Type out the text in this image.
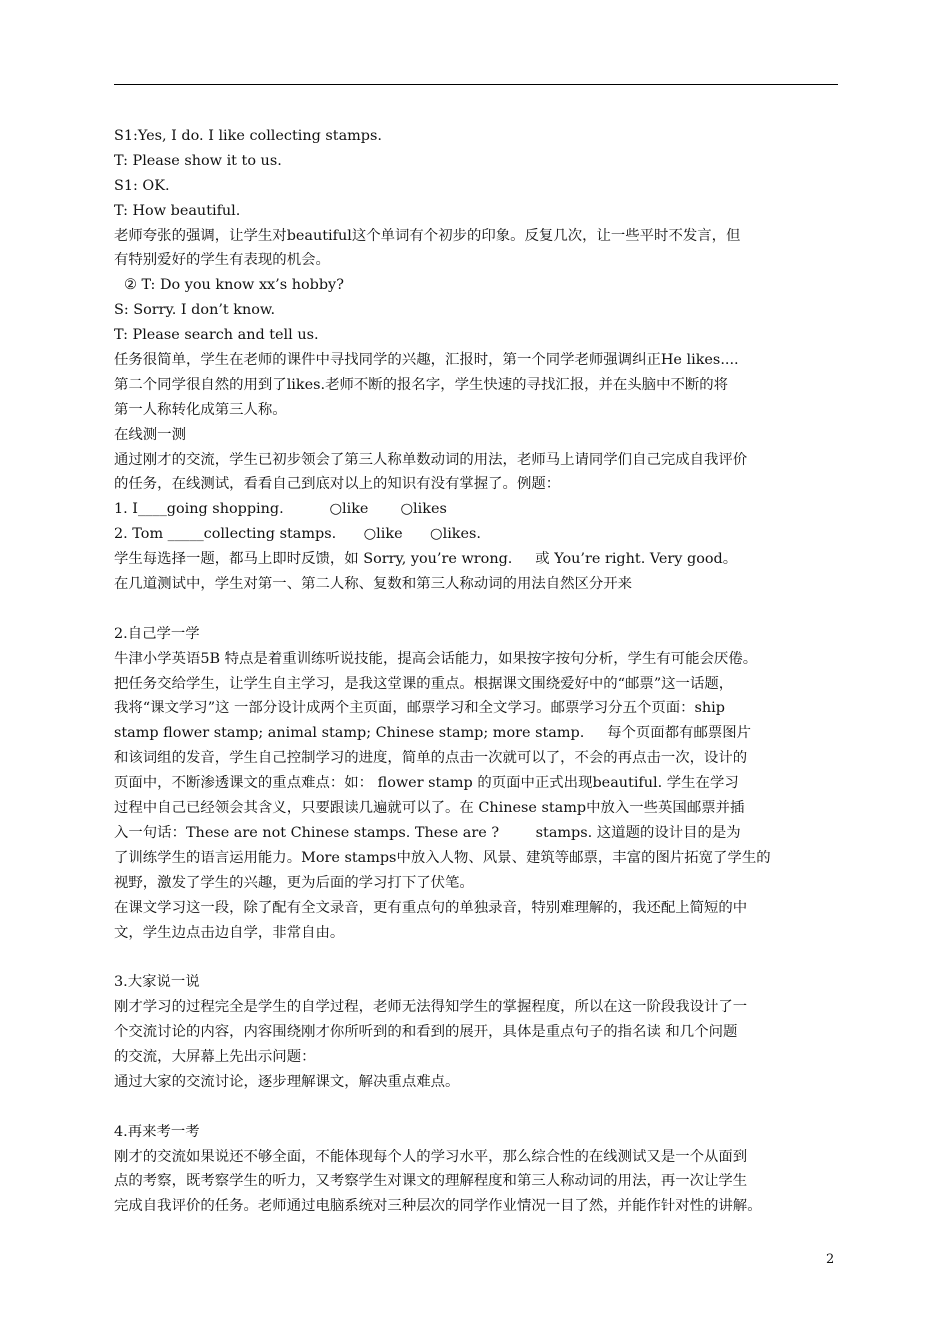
S1:Yes, I do. I like collecting stamps.
T: Please show it to us.
S1: OK.
T: How beautiful.
老师夸张的强调，让学生对beautiful这个单词有个初步的印象。反复几次，让一些平时不发言，但
有特别爱好的学生有表现的机会。
② T: Do you know xx’s hobby?
S: Sorry. I don’t know.
T: Please search and tell us.
任务很简单，学生在老师的课件中寻找同学的兴趣，汇报时，第一个同学老师强调纠正He likes....
第二个同学很自然的用到了likes.老师不断的报名字，学生快速的寻找汇报，并在头脑中不断的将
第一人称转化成第三人称。
在线测一测
通过刚才的交流，学生已初步领会了第三人称单数动词的用法，老师马上请同学们自己完成自我评价
的任务，在线测试，看看自己到底对以上的知识有没有掌握了。例题：
1. I____going shopping.          ○like       ○likes
2. Tom _____collecting stamps.      ○like      ○likes.
学生每选择一题，都马上即时反馈，如 Sorry, you’re wrong.     或 You’re right. Very good。
在几道测试中，学生对第一、第二人称、复数和第三人称动词的用法自然区分开来
2.自己学一学
牛津小学英语5B 特点是着重训练听说技能，提高会话能力，如果按字按句分析，学生有可能会厌倦。
把任务交给学生，让学生自主学习，是我这堂课的重点。根据课文围绕爱好中的“邮票”这一话题，
我将“课文学习”这 一部分设计成两个主页面，邮票学习和全文学习。邮票学习分五个页面：ship
stamp flower stamp; animal stamp; Chinese stamp; more stamp.     每个页面都有邮票图片
和该词组的发音，学生自己控制学习的进度，简单的点击一次就可以了，不会的再点击一次，设计的
页面中，不断渗透课文的重点难点：如： flower stamp 的页面中正式出现beautiful. 学生在学习
过程中自己已经领会其含义，只要跟读几遍就可以了。在 Chinese stamp中放入一些英国邮票并插
入一句话：These are not Chinese stamps. These are ?        stamps. 这道题的设计目的是为
了训练学生的语言运用能力。More stamps中放入人物、风景、建筑等邮票，丰富的图片拓宽了学生的
视野，激发了学生的兴趣，更为后面的学习打下了伏笔。
在课文学习这一段，除了配有全文录音，更有重点句的单独录音，特别难理解的，我还配上简短的中
文，学生边点击边自学，非常自由。
3.大家说一说
刚才学习的过程完全是学生的自学过程，老师无法得知学生的掌握程度，所以在这一阶段我设计了一
个交流讨论的内容，内容围绕刚才你所听到的和看到的展开，具体是重点句子的指名读 和几个问题
的交流，大屏幕上先出示问题：
通过大家的交流讨论，逐步理解课文，解决重点难点。
4.再来考一考
刚才的交流如果说还不够全面，不能体现每个人的学习水平，那么综合性的在线测试又是一个从面到
点的考察，既考察学生的听力，又考察学生对课文的理解程度和第三人称动词的用法，再一次让学生
完成自我评价的任务。老师通过电脑系统对三种层次的同学作业情况一目了然，并能作针对性的讲解。
2
